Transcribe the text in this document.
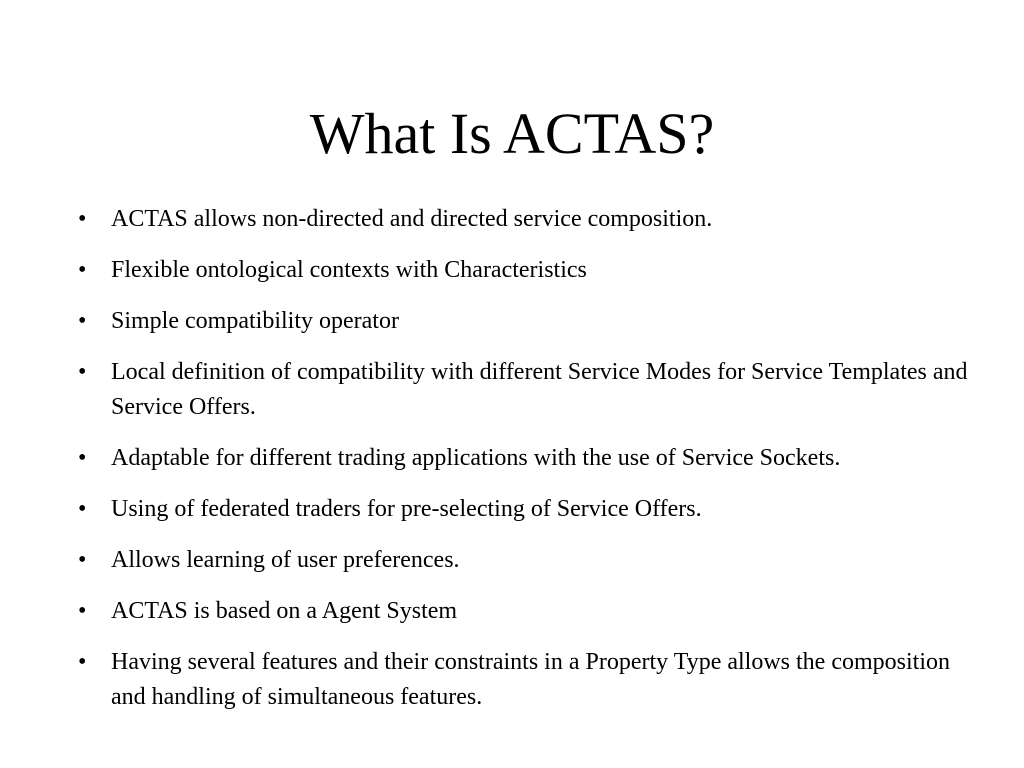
What Is ACTAS?
•	ACTAS allows non-directed and directed service composition.
•	Flexible ontological contexts with Characteristics
•	Simple compatibility operator
•	Local definition of compatibility with different Service Modes for Service Templates and Service Offers.
•	Adaptable for different trading applications with the use of Service Sockets.
•	Using of federated traders for pre-selecting of Service Offers.
•	Allows learning of user preferences.
•	ACTAS is based on a Agent System
•	Having several features and their constraints in a Property Type allows the composition and handling of simultaneous features.
